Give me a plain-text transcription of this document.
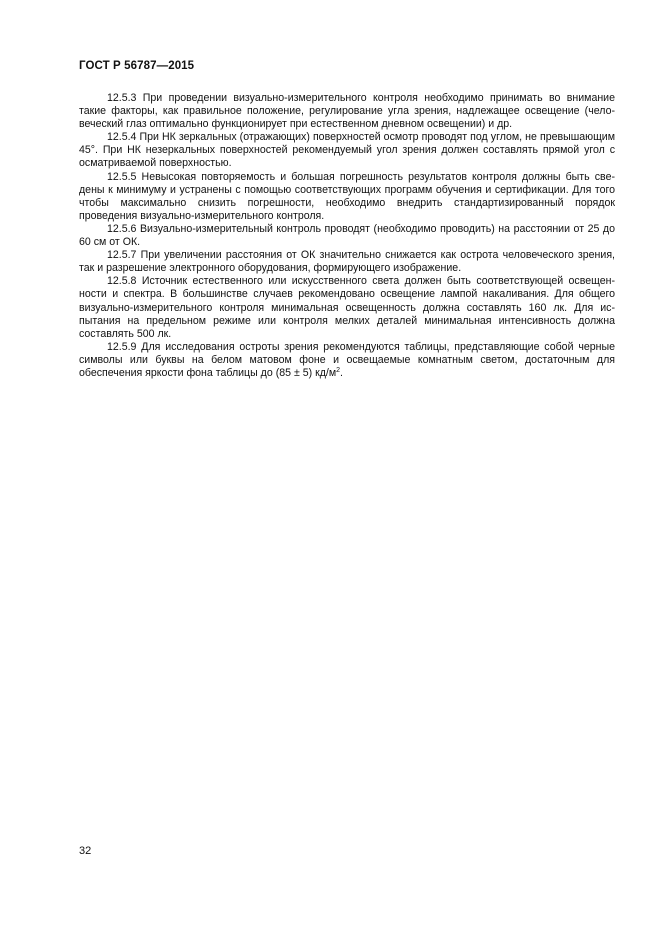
ГОСТ Р 56787—2015

12.5.3 При проведении визуально-измерительного контроля необходимо принимать во внимание такие факторы, как правильное положение, регулирование угла зрения, надлежащее освещение (человеческий глаз оптимально функционирует при естественном дневном освещении) и др.

12.5.4 При НК зеркальных (отражающих) поверхностей осмотр проводят под углом, не превышающим 45°. При НК незеркальных поверхностей рекомендуемый угол зрения должен составлять прямой угол с осматриваемой поверхностью.

12.5.5 Невысокая повторяемость и большая погрешность результатов контроля должны быть сведены к минимуму и устранены с помощью соответствующих программ обучения и сертификации. Для того чтобы максимально снизить погрешности, необходимо внедрить стандартизированный порядок проведения визуально-измерительного контроля.

12.5.6 Визуально-измерительный контроль проводят (необходимо проводить) на расстоянии от 25 до 60 см от ОК.

12.5.7 При увеличении расстояния от ОК значительно снижается как острота человеческого зрения, так и разрешение электронного оборудования, формирующего изображение.

12.5.8 Источник естественного или искусственного света должен быть соответствующей освещенности и спектра. В большинстве случаев рекомендовано освещение лампой накаливания. Для общего визуально-измерительного контроля минимальная освещенность должна составлять 160 лк. Для испытания на предельном режиме или контроля мелких деталей минимальная интенсивность должна составлять 500 лк.

12.5.9 Для исследования остроты зрения рекомендуются таблицы, представляющие собой черные символы или буквы на белом матовом фоне и освещаемые комнатным светом, достаточным для обеспечения яркости фона таблицы до (85 ± 5) $кд/м^2$.

32
